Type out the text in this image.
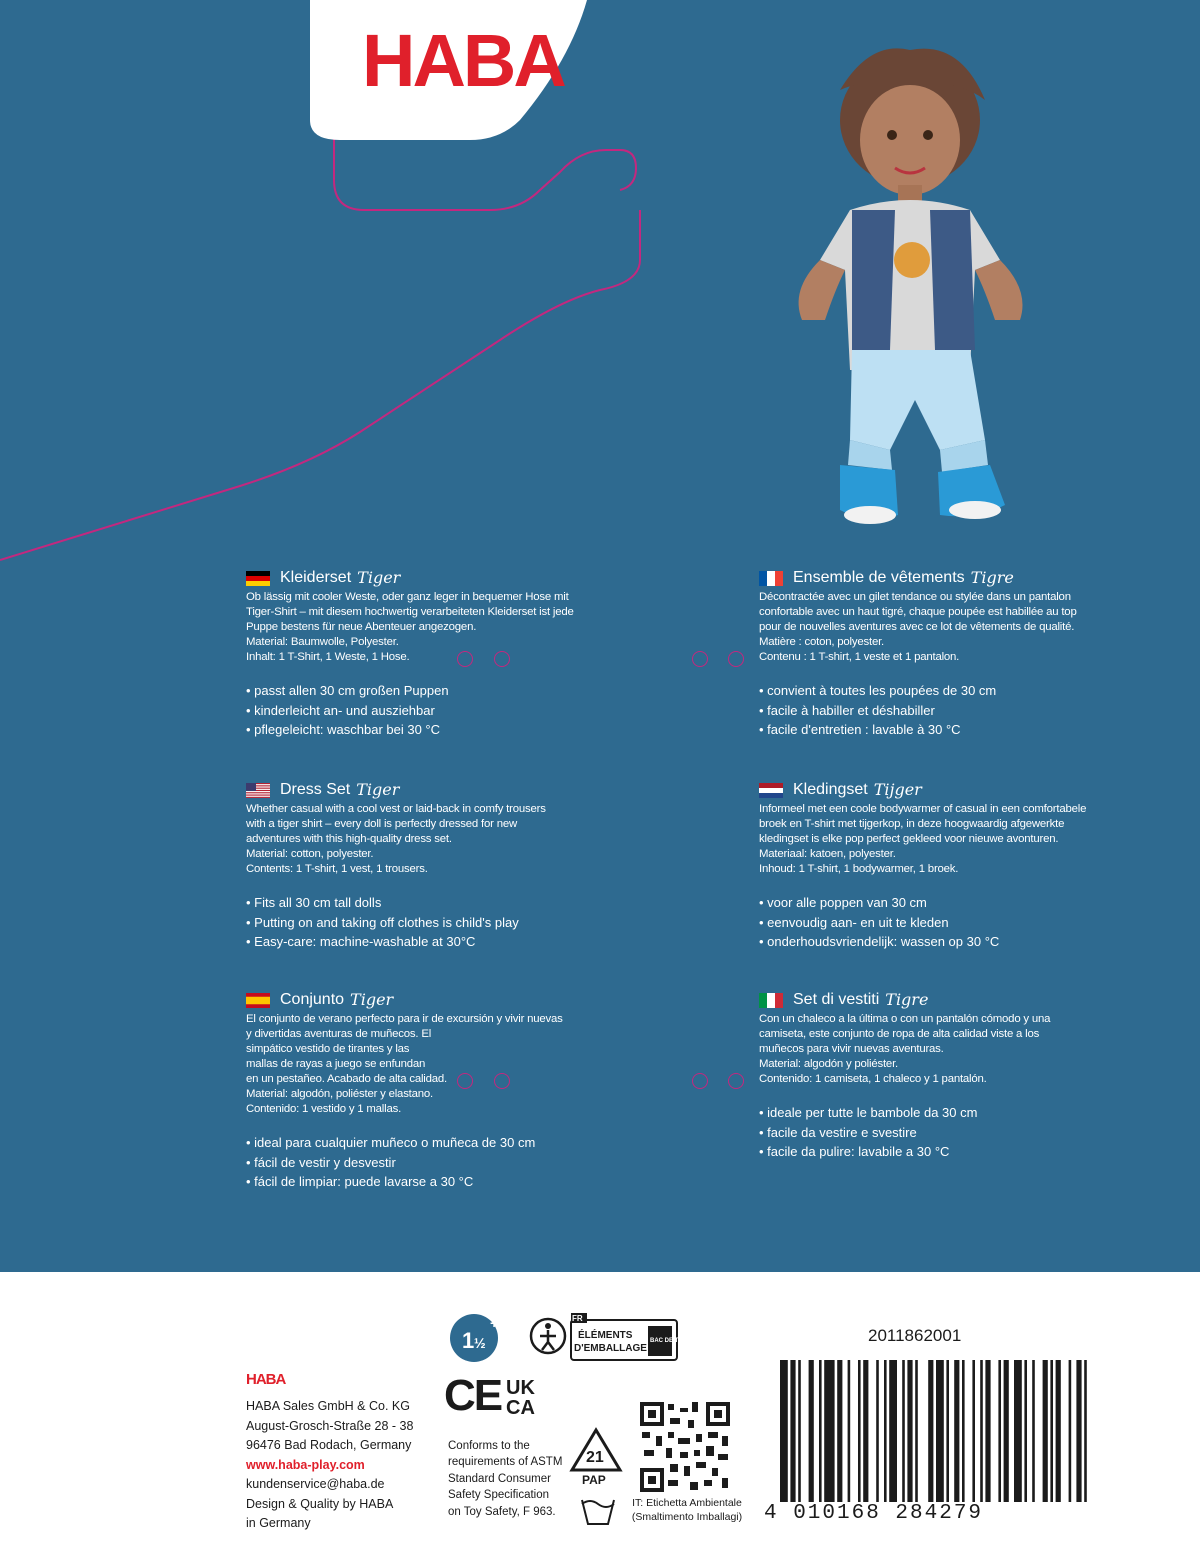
HABA
Kleiderset Tiger
Ob lässig mit cooler Weste, oder ganz leger in bequemer Hose mit
Tiger-Shirt – mit diesem hochwertig verarbeiteten Kleiderset ist jede
Puppe bestens für neue Abenteuer angezogen.
Material: Baumwolle, Polyester.
Inhalt: 1 T-Shirt, 1 Weste, 1 Hose.
• passt allen 30 cm großen Puppen
• kinderleicht an- und ausziehbar
• pflegeleicht: waschbar bei 30 °C
Ensemble de vêtements Tigre
Décontractée avec un gilet tendance ou stylée dans un pantalon
confortable avec un haut tigré, chaque poupée est habillée au top
pour de nouvelles aventures avec ce lot de vêtements de qualité.
Matière : coton, polyester.
Contenu : 1 T-shirt, 1 veste et 1 pantalon.
• convient à toutes les poupées de 30 cm
• facile à habiller et déshabiller
• facile d'entretien : lavable à 30 °C
Dress Set Tiger
Whether casual with a cool vest or laid-back in comfy trousers
with a tiger shirt – every doll is perfectly dressed for new
adventures with this high-quality dress set.
Material: cotton, polyester.
Contents: 1 T-shirt, 1 vest, 1 trousers.
• Fits all 30 cm tall dolls
• Putting on and taking off clothes is child's play
• Easy-care: machine-washable at 30°C
Kledingset Tijger
Informeel met een coole bodywarmer of casual in een comfortabele
broek en T-shirt met tijgerkop, in deze hoogwaardig afgewerkte
kledingset is elke pop perfect gekleed voor nieuwe avonturen.
Materiaal: katoen, polyester.
Inhoud: 1 T-shirt, 1 bodywarmer, 1 broek.
• voor alle poppen van 30 cm
• eenvoudig aan- en uit te kleden
• onderhoudsvriendelijk: wassen op 30 °C
Conjunto Tiger
El conjunto de verano perfecto para ir de excursión y vivir nuevas
y divertidas aventuras de muñecos. El
simpático vestido de tirantes y las
mallas de rayas a juego se enfundan
en un pestañeo. Acabado de alta calidad.
Material: algodón, poliéster y elastano.
Contenido: 1 vestido y 1 mallas.
• ideal para cualquier muñeco o muñeca de 30 cm
• fácil de vestir y desvestir
• fácil de limpiar: puede lavarse a 30 °C
Set di vestiti Tigre
Con un chaleco a la última o con un pantalón cómodo y una
camiseta, este conjunto de ropa de alta calidad viste a los
muñecos para vivir nuevas aventuras.
Material: algodón y poliéster.
Contenido: 1 camiseta, 1 chaleco y 1 pantalón.
• ideale per tutte le bambole da 30 cm
• facile da vestire e svestire
• facile da pulire: lavabile a 30 °C
HABA
HABA Sales GmbH & Co. KG
August-Grosch-Straße 28 - 38
96476 Bad Rodach, Germany
www.haba-play.com
kundenservice@haba.de
Design & Quality by HABA
in Germany
1 ½
+	FR
ÉLÉMENTS
D'EMBALLAGE
BAC DE TRI
CE UK
CA
Conforms to the
requirements of ASTM
Standard Consumer
Safety Specification
on Toy Safety, F 963.
21
PAP
IT: Etichetta Ambientale
(Smaltimento Imballagi)
2011862001
4 010168 284279
